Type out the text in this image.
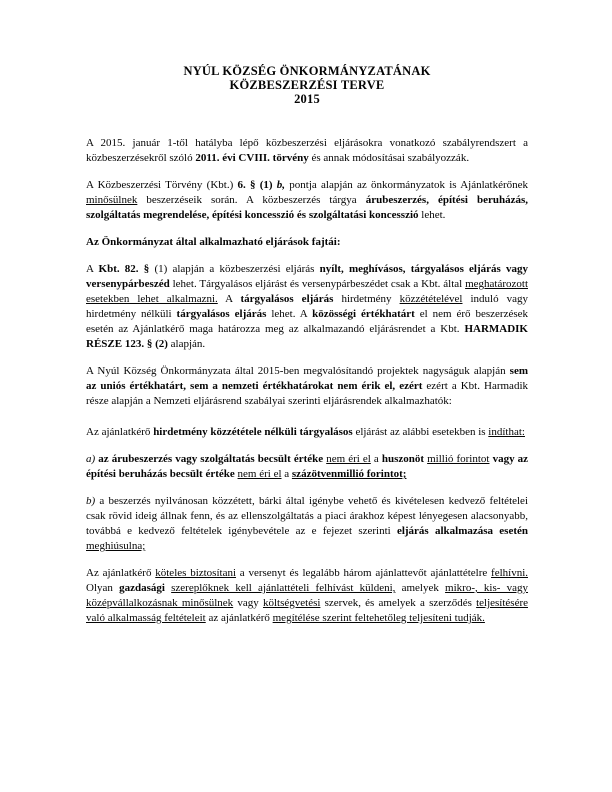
NYÚL KÖZSÉG ÖNKORMÁNYZATÁNAK
KÖZBESZERZÉSI TERVE
2015

A 2015. január 1-től hatályba lépő közbeszerzési eljárásokra vonatkozó szabályrendszert a közbeszerzésekről szóló 2011. évi CVIII. törvény és annak módosításai szabályozzák.

A Közbeszerzési Törvény (Kbt.) 6. § (1) b, pontja alapján az önkormányzatok is Ajánlatkérőnek minősülnek beszerzéseik során. A közbeszerzés tárgya árubeszerzés, építési beruházás, szolgáltatás megrendelése, építési koncesszió és szolgáltatási koncesszió lehet.

Az Önkormányzat által alkalmazható eljárások fajtái:

A Kbt. 82. § (1) alapján a közbeszerzési eljárás nyílt, meghívásos, tárgyalásos eljárás vagy versenypárbeszéd lehet. Tárgyalásos eljárást és versenypárbeszédet csak a Kbt. által meghatározott esetekben lehet alkalmazni. A tárgyalásos eljárás hirdetmény közzétételével induló vagy hirdetmény nélküli tárgyalásos eljárás lehet. A közösségi értékhatárt el nem érő beszerzések esetén az Ajánlatkérő maga határozza meg az alkalmazandó eljárásrendet a Kbt. HARMADIK RÉSZE 123. § (2) alapján.

A Nyúl Község Önkormányzata által 2015-ben megvalósítandó projektek nagyságuk alapján sem az uniós értékhatárt, sem a nemzeti értékhatárokat nem érik el, ezért ezért a Kbt. Harmadik része alapján a Nemzeti eljárásrend szabályai szerinti eljárásrendek alkalmazhatók:

Az ajánlatkérő hirdetmény közzététele nélküli tárgyalásos eljárást az alábbi esetekben is indíthat:

a) az árubeszerzés vagy szolgáltatás becsült értéke nem éri el a huszonöt millió forintot vagy az építési beruházás becsült értéke nem éri el a százötvenmillió forintot;

b) a beszerzés nyilvánosan közzétett, bárki által igénybe vehető és kivételesen kedvező feltételei csak rövid ideig állnak fenn, és az ellenszolgáltatás a piaci árakhoz képest lényegesen alacsonyabb, továbbá e kedvező feltételek igénybevétele az e fejezet szerinti eljárás alkalmazása esetén meghiúsulna;

Az ajánlatkérő köteles biztosítani a versenyt és legalább három ajánlattevőt ajánlattételre felhívni. Olyan gazdasági szereplőknek kell ajánlattételi felhívást küldeni, amelyek mikro-, kis- vagy középvállalkozásnak minősülnek vagy költségvetési szervek, és amelyek a szerződés teljesítésére való alkalmasság feltételeit az ajánlatkérő megítélése szerint feltehetőleg teljesíteni tudják.
